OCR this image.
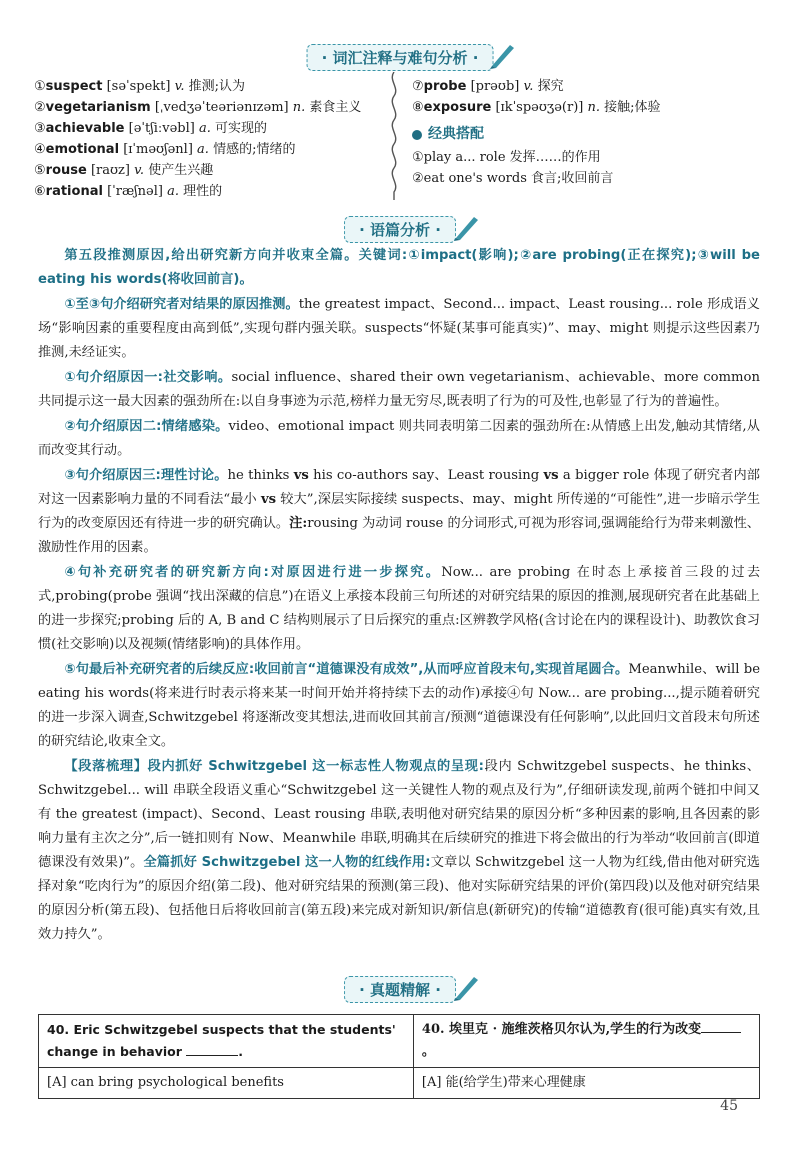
· 词汇注释与难句分析 ·
①suspect [səˈspekt] v. 推测;认为
②vegetarianism [ˌvedʒəˈteəriənɪzəm] n. 素食主义
③achievable [əˈtʃiːvəbl] a. 可实现的
④emotional [ɪˈməʊʃənl] a. 情感的;情绪的
⑤rouse [raʊz] v. 使产生兴趣
⑥rational [ˈræʃnəl] a. 理性的
⑦probe [prəʊb] v. 探究
⑧exposure [ɪkˈspəʊʒə(r)] n. 接触;体验
经典搭配
①play a... role 发挥……的作用
②eat one's words 食言;收回前言
· 语篇分析 ·

第五段推测原因,给出研究新方向并收束全篇。关键词:①impact(影响);②are probing(正在探究);③will be eating his words(将收回前言)。

①至③句介绍研究者对结果的原因推测。the greatest impact、Second... impact、Least rousing... role 形成语义场“影响因素的重要程度由高到低”,实现句群内强关联。suspects“怀疑(某事可能真实)”、may、might 则提示这些因素乃推测,未经证实。

①句介绍原因一:社交影响。social influence、shared their own vegetarianism、achievable、more common 共同提示这一最大因素的强劲所在:以自身事迹为示范,榜样力量无穷尽,既表明了行为的可及性,也彰显了行为的普遍性。

②句介绍原因二:情绪感染。video、emotional impact 则共同表明第二因素的强劲所在:从情感上出发,触动其情绪,从而改变其行动。

③句介绍原因三:理性讨论。he thinks vs his co-authors say、Least rousing vs a bigger role 体现了研究者内部对这一因素影响力量的不同看法“最小 vs 较大”,深层实际接续 suspects、may、might 所传递的“可能性”,进一步暗示学生行为的改变原因还有待进一步的研究确认。注:rousing 为动词 rouse 的分词形式,可视为形容词,强调能给行为带来刺激性、激励性作用的因素。

④句补充研究者的研究新方向:对原因进行进一步探究。Now... are probing 在时态上承接首三段的过去式,probing(probe 强调“找出深藏的信息”)在语义上承接本段前三句所述的对研究结果的原因的推测,展现研究者在此基础上的进一步探究;probing 后的 A, B and C 结构则展示了日后探究的重点:区辨教学风格(含讨论在内的课程设计)、助教饮食习惯(社交影响)以及视频(情绪影响)的具体作用。

⑤句最后补充研究者的后续反应:收回前言“道德课没有成效”,从而呼应首段末句,实现首尾圆合。Meanwhile、will be eating his words(将来进行时表示将来某一时间开始并将持续下去的动作)承接④句 Now... are probing...,提示随着研究的进一步深入调查,Schwitzgebel 将逐渐改变其想法,进而收回其前言/预测“道德课没有任何影响”,以此回归文首段末句所述的研究结论,收束全文。

【段落梳理】段内抓好 Schwitzgebel 这一标志性人物观点的呈现:段内 Schwitzgebel suspects、he thinks、Schwitzgebel... will 串联全段语义重心“Schwitzgebel 这一关键性人物的观点及行为”,仔细研读发现,前两个链扣中间又有 the greatest (impact)、Second、Least rousing 串联,表明他对研究结果的原因分析“多种因素的影响,且各因素的影响力量有主次之分”,后一链扣则有 Now、Meanwhile 串联,明确其在后续研究的推进下将会做出的行为举动“收回前言(即道德课没有效果)”。全篇抓好 Schwitzgebel 这一人物的红线作用:文章以 Schwitzgebel 这一人物为红线,借由他对研究选择对象“吃肉行为”的原因介绍(第二段)、他对研究结果的预测(第三段)、他对实际研究结果的评价(第四段)以及他对研究结果的原因分析(第五段)、包括他日后将收回前言(第五段)来完成对新知识/新信息(新研究)的传输“道德教育(很可能)真实有效,且效力持久”。

· 真题精解 ·
40. Eric Schwitzgebel suspects that the students' change in behavior .	40. 埃里克 · 施维茨格贝尔认为,学生的行为改变。
[A] can bring psychological benefits	[A] 能(给学生)带来心理健康
45
